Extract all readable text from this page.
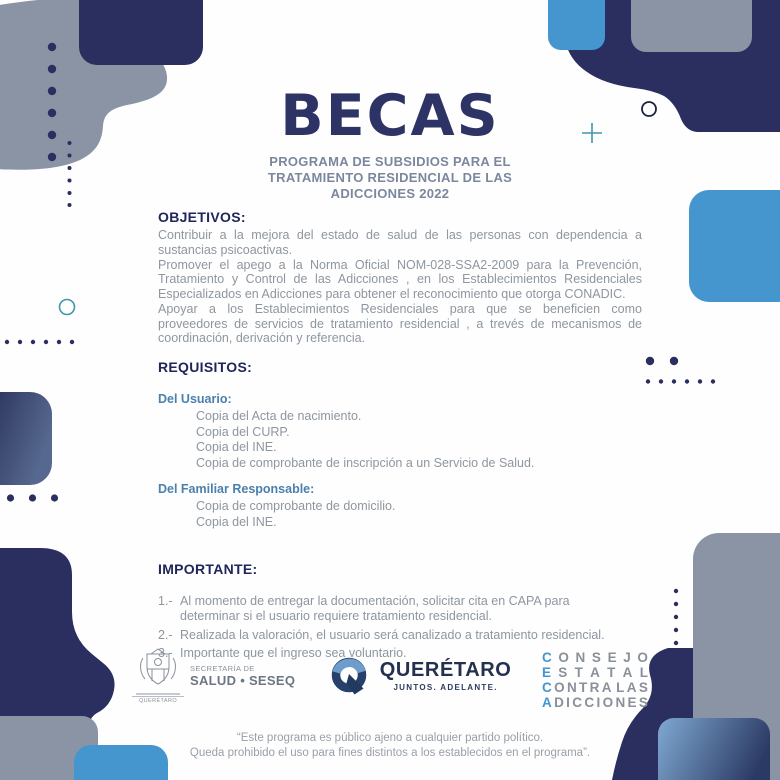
BECAS
PROGRAMA DE SUBSIDIOS PARA EL
TRATAMIENTO RESIDENCIAL DE LAS
ADICCIONES 2022
OBJETIVOS:

Contribuir a la mejora del estado de salud de las personas con dependencia a sustancias psicoactivas.

Promover el apego a la Norma Oficial NOM-028-SSA2-2009 para la Prevención, Tratamiento y Control de las Adicciones , en los Establecimientos Residenciales Especializados en Adicciones para obtener el reconocimiento que otorga CONADIC.

Apoyar a los Establecimientos Residenciales para que se beneficien como proveedores de servicios de tratamiento residencial , a trevés de mecanismos de coordinación, derivación y referencia.

REQUISITOS:
Del Usuario:
Copia del Acta de nacimiento.
Copia del CURP.
Copia del INE.
Copia de comprobante de inscripción a un Servicio de Salud.
Del Familiar Responsable:
Copia de comprobante de domicilio.
Copia del INE.
IMPORTANTE:
1.- Al momento de entregar la documentación, solicitar cita en CAPA para determinar si el usuario requiere tratamiento residencial.
2.- Realizada la valoración, el usuario será canalizado a tratamiento residencial.
3.- Importante que el ingreso sea voluntario.
QUERÉTARO
SECRETARÍA DE
SALUD • SESEQ	QUERÉTARO
JUNTOS. ADELANTE.
C O N S E J O
E S T A T A L
C O N T R A L A S
A D I C C I O N E S
“Este programa es público ajeno a cualquier partido político.
Queda prohibido el uso para fines distintos a los establecidos en el programa”.
